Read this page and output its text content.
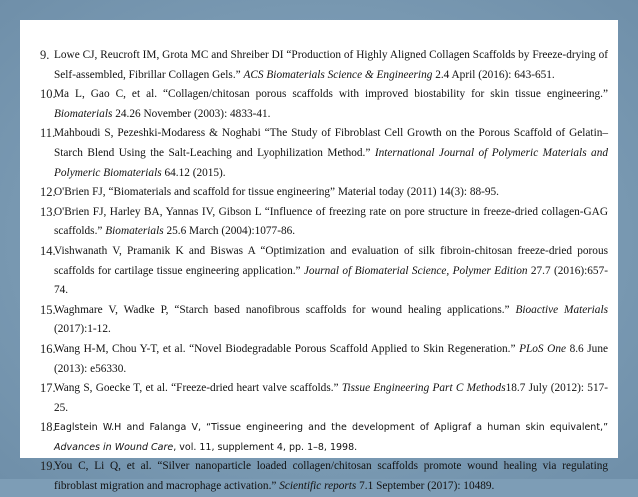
9. Lowe CJ, Reucroft IM, Grota MC and Shreiber DI “Production of Highly Aligned Collagen Scaffolds by Freeze-drying of Self-assembled, Fibrillar Collagen Gels.” ACS Biomaterials Science & Engineering 2.4 April (2016): 643-651.
10.
Ma L, Gao C, et al. “Collagen/chitosan porous scaffolds with improved biostability for skin tissue engineering.” Biomaterials 24.26 November (2003): 4833-41.
11.
Mahboudi S, Pezeshki-Modaress & Noghabi “The Study of Fibroblast Cell Growth on the Porous Scaffold of Gelatin–Starch Blend Using the Salt-Leaching and Lyophilization Method.” International Journal of Polymeric Materials and Polymeric Biomaterials 64.12 (2015).
12.
O'Brien FJ, “Biomaterials and scaffold for tissue engineering” Material today (2011) 14(3): 88-95.
13.
O'Brien FJ, Harley BA, Yannas IV, Gibson L “Influence of freezing rate on pore structure in freeze-dried collagen-GAG scaffolds.” Biomaterials 25.6 March (2004):1077-86.
14.
Vishwanath V, Pramanik K and Biswas A “Optimization and evaluation of silk fibroin-chitosan freeze-dried porous scaffolds for cartilage tissue engineering application.” Journal of Biomaterial Science, Polymer Edition 27.7 (2016):657-74.
15.
Waghmare V, Wadke P, “Starch based nanofibrous scaffolds for wound healing applications.” Bioactive Materials (2017):1-12.
16.
Wang H-M, Chou Y-T, et al. “Novel Biodegradable Porous Scaffold Applied to Skin Regeneration.” PLoS One 8.6 June (2013): e56330.
17.
Wang S, Goecke T, et al. “Freeze-dried heart valve scaffolds.” Tissue Engineering Part C Methods18.7 July (2012): 517-25.
18.
Eaglstein W.H and Falanga V, “Tissue engineering and the development of Apligraf a human skin equivalent,” Advances in Wound Care, vol. 11, supplement 4, pp. 1–8, 1998.
19.
You C, Li Q, et al. “Silver nanoparticle loaded collagen/chitosan scaffolds promote wound healing via regulating fibroblast migration and macrophage activation.” Scientific reports 7.1 September (2017): 10489.
